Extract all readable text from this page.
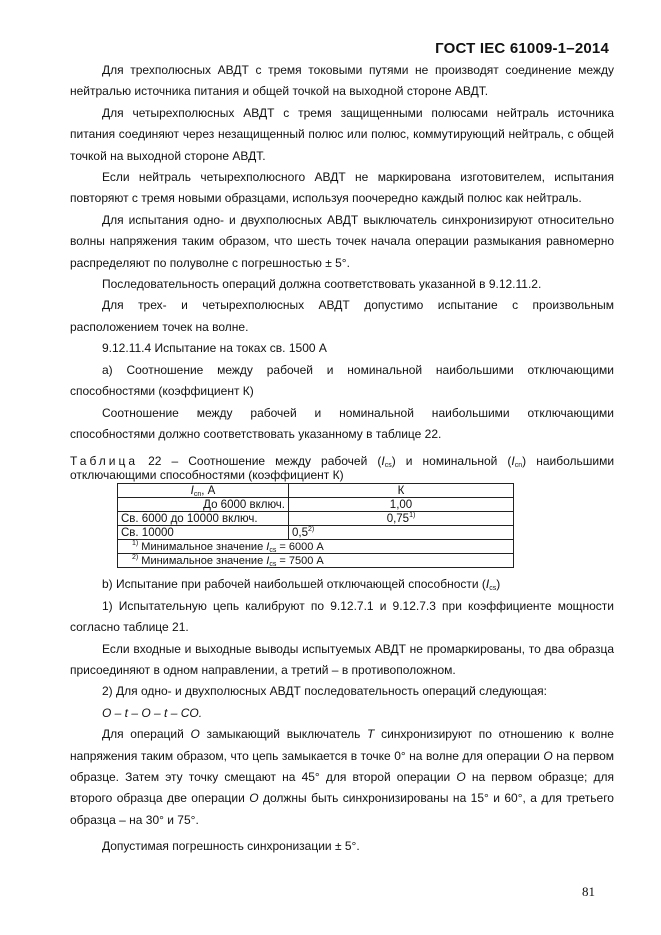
ГОСТ IEC 61009-1–2014

Для трехполюсных АВДТ с тремя токовыми путями не производят соединение между нейтралью источника питания и общей точкой на выходной стороне АВДТ.

Для четырехполюсных АВДТ с тремя защищенными полюсами нейтраль источника питания соединяют через незащищенный полюс или полюс, коммутирующий нейтраль, с общей точкой на выходной стороне АВДТ.

Если нейтраль четырехполюсного АВДТ не маркирована изготовителем, испытания повторяют с тремя новыми образцами, используя поочередно каждый полюс как нейтраль.

Для испытания одно- и двухполюсных АВДТ выключатель синхронизируют относительно волны напряжения таким образом, что шесть точек начала операции размыкания равномерно распределяют по полуволне с погрешностью ± 5°.

Последовательность операций должна соответствовать указанной в 9.12.11.2.

Для трех- и четырехполюсных АВДТ допустимо испытание с произвольным расположением точек на волне.

9.12.11.4 Испытание на токах св. 1500 А

а) Соотношение между рабочей и номинальной наибольшими отключающими способностями (коэффициент К)

Соотношение между рабочей и номинальной наибольшими отключающими способностями должно соответствовать указанному в таблице 22.

Таблица 22 – Соотношение между рабочей $(I_{cs})$ и номинальной $(I_{cn})$ наибольшими отключающими способностями (коэффициент К)

$I_{cn}$, А	К
До 6000 включ.	1,00
Св. 6000 до 10000 включ.	0,75$^{1)}$
Св. 10000	0,5$^{2)}$
$^{1)}$ Минимальное значение $I_{cs} = 6000$ А	
$^{2)}$ Минимальное значение $I_{cs} = 7500$ А	

b) Испытание при рабочей наибольшей отключающей способности $(I_{cs})$

1) Испытательную цепь калибруют по 9.12.7.1 и 9.12.7.3 при коэффициенте мощности согласно таблице 21.

Если входные и выходные выводы испытуемых АВДТ не промаркированы, то два образца присоединяют в одном направлении, а третий – в противоположном.

2) Для одно- и двухполюсных АВДТ последовательность операций следующая:

O – t – O – t – CO.

Для операций O замыкающий выключатель T синхронизируют по отношению к волне напряжения таким образом, что цепь замыкается в точке 0° на волне для операции O на первом образце. Затем эту точку смещают на 45° для второй операции O на первом образце; для второго образца две операции O должны быть синхронизированы на 15° и 60°, а для третьего образца – на 30° и 75°.

Допустимая погрешность синхронизации ± 5°.

81
